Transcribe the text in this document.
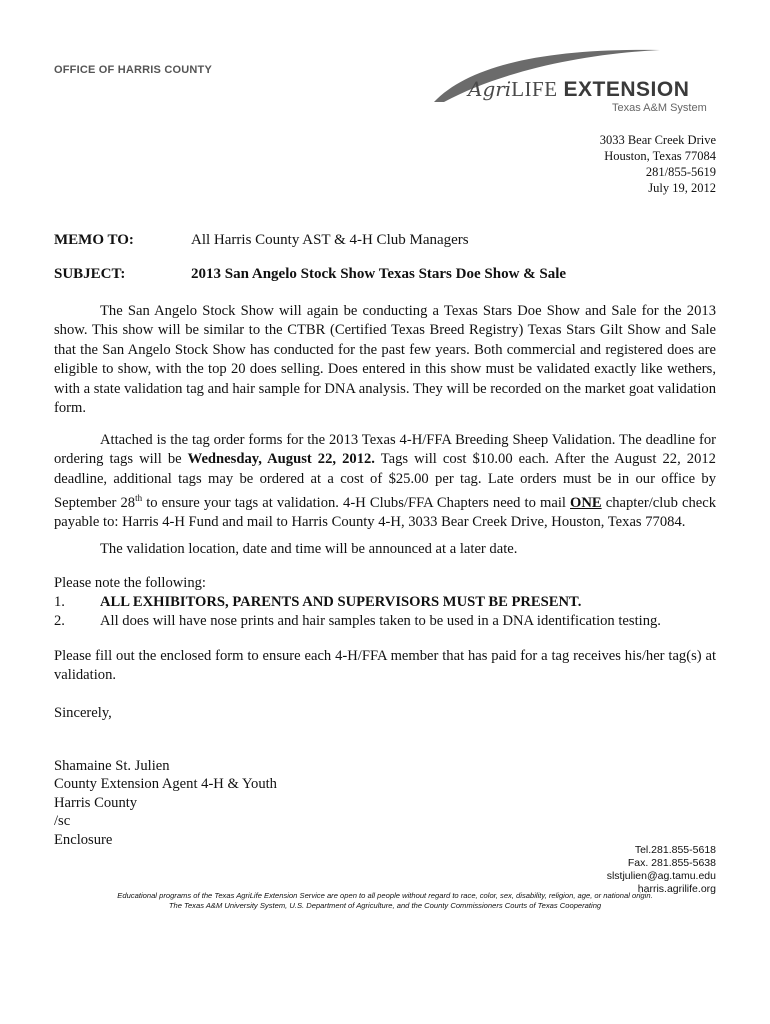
OFFICE OF HARRIS COUNTY
AgriLIFE EXTENSION
Texas A&M System
3033 Bear Creek Drive
Houston, Texas 77084
281/855-5619
July 19, 2012
MEMO TO:	All Harris County AST & 4-H Club Managers
SUBJECT:	2013 San Angelo Stock Show Texas Stars Doe Show & Sale
The San Angelo Stock Show will again be conducting a Texas Stars Doe Show and Sale for the 2013 show. This show will be similar to the CTBR (Certified Texas Breed Registry) Texas Stars Gilt Show and Sale that the San Angelo Stock Show has conducted for the past few years. Both commercial and registered does are eligible to show, with the top 20 does selling. Does entered in this show must be validated exactly like wethers, with a state validation tag and hair sample for DNA analysis. They will be recorded on the market goat validation form.
Attached is the tag order forms for the 2013 Texas 4-H/FFA Breeding Sheep Validation. The deadline for ordering tags will be Wednesday, August 22, 2012. Tags will cost $10.00 each. After the August 22, 2012 deadline, additional tags may be ordered at a cost of $25.00 per tag. Late orders must be in our office by September 28th to ensure your tags at validation. 4-H Clubs/FFA Chapters need to mail ONE chapter/club check payable to: Harris 4-H Fund and mail to Harris County 4-H, 3033 Bear Creek Drive, Houston, Texas 77084.
The validation location, date and time will be announced at a later date.
Please note the following:
1. ALL EXHIBITORS, PARENTS AND SUPERVISORS MUST BE PRESENT.
2. All does will have nose prints and hair samples taken to be used in a DNA identification testing.
Please fill out the enclosed form to ensure each 4-H/FFA member that has paid for a tag receives his/her tag(s) at validation.
Sincerely,
Shamaine St. Julien
County Extension Agent 4-H & Youth
Harris County
/sc
Enclosure
Tel.281.855-5618
Fax. 281.855-5638
slstjulien@ag.tamu.edu
harris.agrilife.org
Educational programs of the Texas AgriLife Extension Service are open to all people without regard to race, color, sex, disability, religion, age, or national origin.
The Texas A&M University System, U.S. Department of Agriculture, and the County Commissioners Courts of Texas Cooperating
